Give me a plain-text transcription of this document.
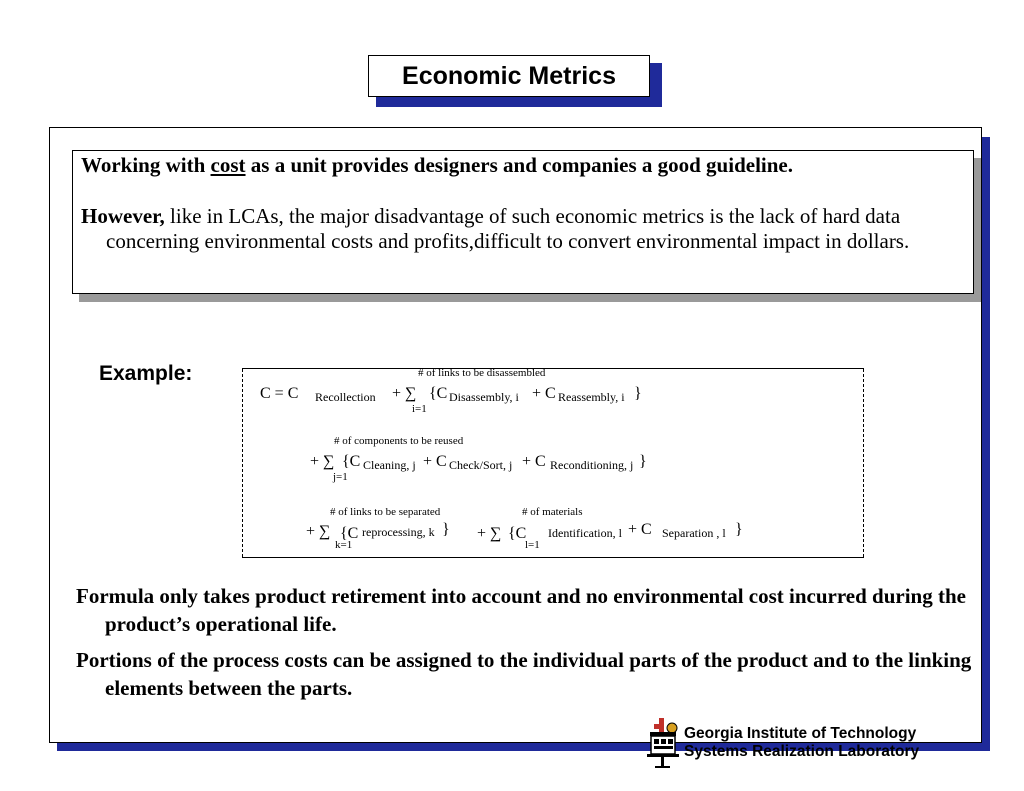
Economic Metrics

Working with cost as a unit provides designers and companies a good guideline.

However, like in LCAs, the major disadvantage of such economic metrics is the lack of hard data concerning environmental costs and profits,difficult to convert environmental impact in dollars.

Example:	# of links to be disassembled
C = C Recollection + ∑
i=1
{C Disassembly, i + C Reassembly, i }
# of components to be reused
+ ∑ {C Cleaning, j + C Check/Sort, j + C Reconditioning, j }
j=1
# of links to be separated	# of materials
+ ∑ {C reprocessing, k }
k=1
+ ∑ {C Identification, l + C Separation , l }
l=1

Formula only takes product retirement into account and no environmental cost incurred during the product’s operational life.

Portions of the process costs can be assigned to the individual parts of the product and to the linking elements between the parts.

Georgia Institute of Technology
Systems Realization Laboratory
